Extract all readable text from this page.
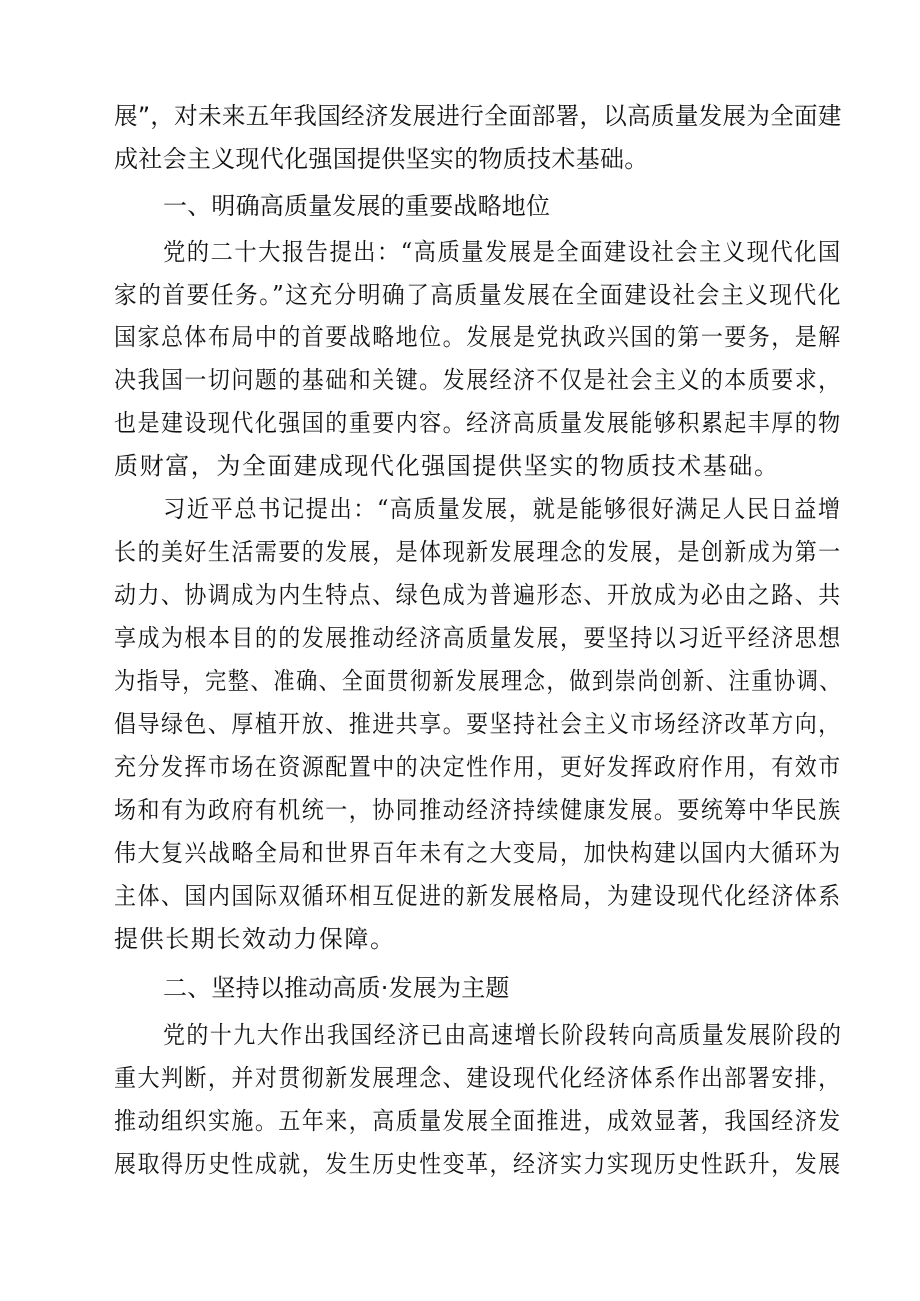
展”，对未来五年我国经济发展进行全面部署，以高质量发展为全面建
成社会主义现代化强国提供坚实的物质技术基础。
一、明确高质量发展的重要战略地位
党的二十大报告提出：“高质量发展是全面建设社会主义现代化国
家的首要任务。”这充分明确了高质量发展在全面建设社会主义现代化
国家总体布局中的首要战略地位。发展是党执政兴国的第一要务，是解
决我国一切问题的基础和关键。发展经济不仅是社会主义的本质要求，
也是建设现代化强国的重要内容。经济高质量发展能够积累起丰厚的物
质财富，为全面建成现代化强国提供坚实的物质技术基础。
习近平总书记提出：“高质量发展，就是能够很好满足人民日益增
长的美好生活需要的发展，是体现新发展理念的发展，是创新成为第一
动力、协调成为内生特点、绿色成为普遍形态、开放成为必由之路、共
享成为根本目的的发展推动经济高质量发展，要坚持以习近平经济思想
为指导，完整、准确、全面贯彻新发展理念，做到崇尚创新、注重协调、
倡导绿色、厚植开放、推进共享。要坚持社会主义市场经济改革方向，
充分发挥市场在资源配置中的决定性作用，更好发挥政府作用，有效市
场和有为政府有机统一，协同推动经济持续健康发展。要统筹中华民族
伟大复兴战略全局和世界百年未有之大变局，加快构建以国内大循环为
主体、国内国际双循环相互促进的新发展格局，为建设现代化经济体系
提供长期长效动力保障。
二、坚持以推动高质·发展为主题
党的十九大作出我国经济已由高速增长阶段转向高质量发展阶段的
重大判断，并对贯彻新发展理念、建设现代化经济体系作出部署安排，
推动组织实施。五年来，高质量发展全面推进，成效显著，我国经济发
展取得历史性成就，发生历史性变革，经济实力实现历史性跃升，发展
